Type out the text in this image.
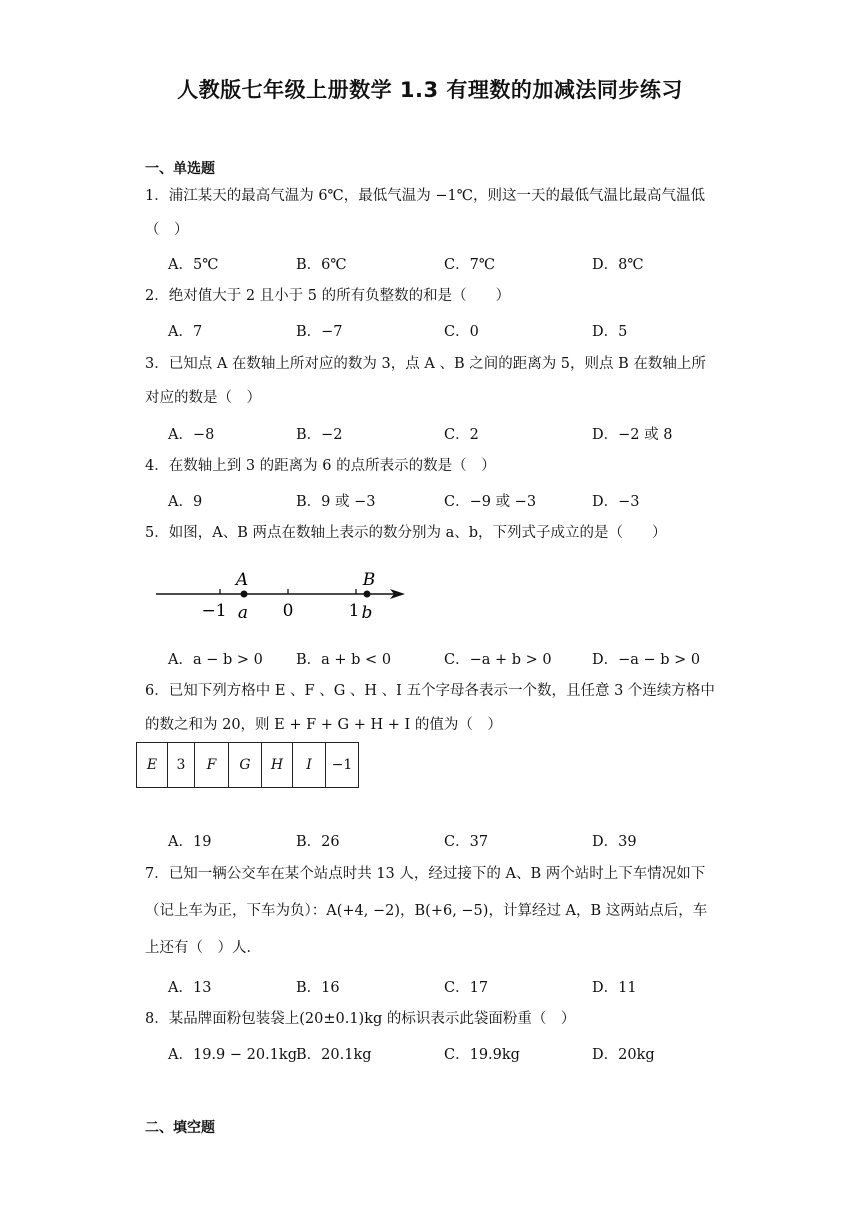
人教版七年级上册数学 1.3 有理数的加减法同步练习
一、单选题
1．浦江某天的最高气温为 6℃，最低气温为 −1℃，则这一天的最低气温比最高气温低（　）
A．5℃	B．6℃	C．7℃	D．8℃
2．绝对值大于 2 且小于 5 的所有负整数的和是（　　）
A．7	B．−7	C．0	D．5
3．已知点 A 在数轴上所对应的数为 3，点 A 、B 之间的距离为 5，则点 B 在数轴上所对应的数是（　）
A．−8	B．−2	C．2	D．−2 或 8
4．在数轴上到 3 的距离为 6 的点所表示的数是（　）
A．9	B．9 或 −3	C．−9 或 −3	D．−3
5．如图，A、B 两点在数轴上表示的数分别为 a、b，下列式子成立的是（　　）
A	B
−1	0	1
a	b
A．a − b > 0 B．a + b < 0	C．−a + b > 0	D．−a − b > 0
6．已知下列方格中 E 、F 、G 、H 、I 五个字母各表示一个数，且任意 3 个连续方格中的数之和为 20，则 E + F + G + H + I 的值为（　）
E	3	F	G	H	I	−1
A．19	B．26	C．37	D．39
7．已知一辆公交车在某个站点时共 13 人，经过接下的 A、B 两个站时上下车情况如下（记上车为正，下车为负）：A(+4, −2)，B(+6, −5)，计算经过 A，B 这两站点后，车上还有（　）人．
A．13	B．16	C．17	D．11
8．某品牌面粉包装袋上(20±0.1)kg 的标识表示此袋面粉重（　）
A．19.9 − 20.1kg B．20.1kg	C．19.9kg	D．20kg
二、填空题
